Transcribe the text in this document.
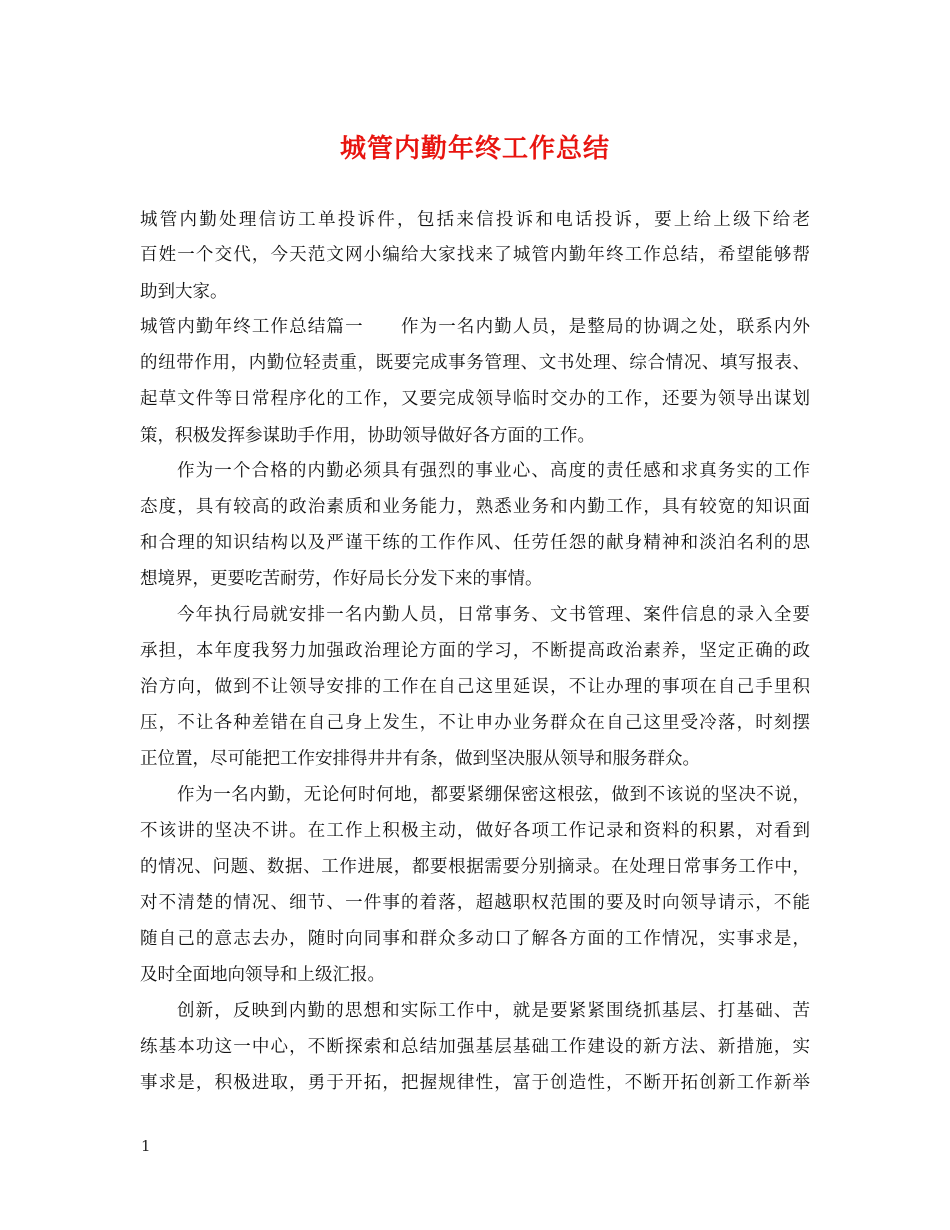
城管内勤年终工作总结
城管内勤处理信访工单投诉件，包括来信投诉和电话投诉，要上给上级下给老
百姓一个交代，今天范文网小编给大家找来了城管内勤年终工作总结，希望能够帮
助到大家。
城管内勤年终工作总结篇一　　作为一名内勤人员，是整局的协调之处，联系内外
的纽带作用，内勤位轻责重，既要完成事务管理、文书处理、综合情况、填写报表、
起草文件等日常程序化的工作，又要完成领导临时交办的工作，还要为领导出谋划
策，积极发挥参谋助手作用，协助领导做好各方面的工作。
作为一个合格的内勤必须具有强烈的事业心、高度的责任感和求真务实的工作
态度，具有较高的政治素质和业务能力，熟悉业务和内勤工作，具有较宽的知识面
和合理的知识结构以及严谨干练的工作作风、任劳任怨的献身精神和淡泊名利的思
想境界，更要吃苦耐劳，作好局长分发下来的事情。
今年执行局就安排一名内勤人员，日常事务、文书管理、案件信息的录入全要
承担，本年度我努力加强政治理论方面的学习，不断提高政治素养，坚定正确的政
治方向，做到不让领导安排的工作在自己这里延误，不让办理的事项在自己手里积
压，不让各种差错在自己身上发生，不让申办业务群众在自己这里受冷落，时刻摆
正位置，尽可能把工作安排得井井有条，做到坚决服从领导和服务群众。
作为一名内勤，无论何时何地，都要紧绷保密这根弦，做到不该说的坚决不说，
不该讲的坚决不讲。在工作上积极主动，做好各项工作记录和资料的积累，对看到
的情况、问题、数据、工作进展，都要根据需要分别摘录。在处理日常事务工作中，
对不清楚的情况、细节、一件事的着落，超越职权范围的要及时向领导请示，不能
随自己的意志去办，随时向同事和群众多动口了解各方面的工作情况，实事求是，
及时全面地向领导和上级汇报。
创新，反映到内勤的思想和实际工作中，就是要紧紧围绕抓基层、打基础、苦
练基本功这一中心，不断探索和总结加强基层基础工作建设的新方法、新措施，实
事求是，积极进取，勇于开拓，把握规律性，富于创造性，不断开拓创新工作新举
1
